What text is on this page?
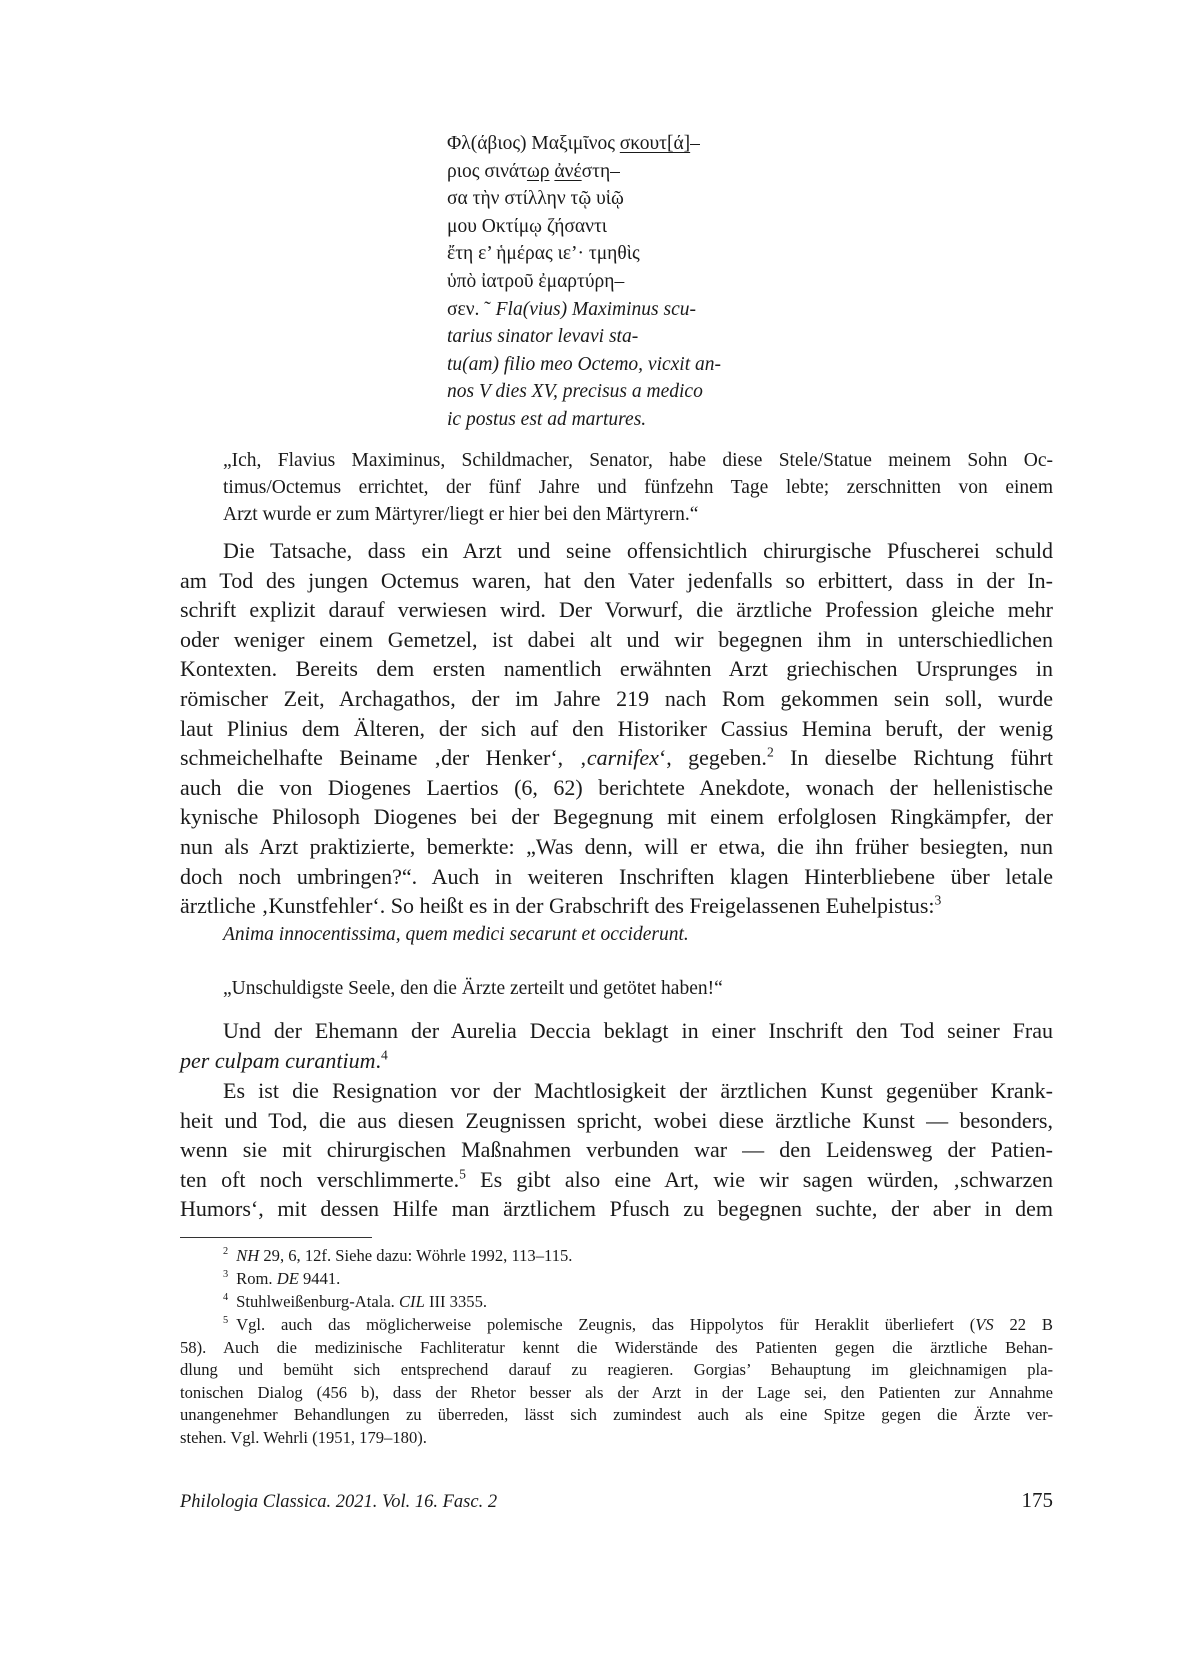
Φλ(άβιος) Μαξιμῖνος σκουτ[ά]–
ριος σινάτωρ ἀνέστη–
σα τὴν στίλλην τῷ υἱῷ
μου Οκτίμῳ ζήσαντι
ἔτη ε’ ἡμέρας ιε’· τμηθὶς
ὑπὸ ἰατροῦ ἐμαρτύρη–
σεν. ˜ Fla(vius) Maximinus scu-
tarius sinator levavi sta-
tu(am) filio meo Octemo, vicxit an-
nos V dies XV, precisus a medico
ic postus est ad martures.
„Ich, Flavius Maximinus, Schildmacher, Senator, habe diese Stele/Statue meinem Sohn Oc-
timus/Octemus errichtet, der fünf Jahre und fünfzehn Tage lebte; zerschnitten von einem
Arzt wurde er zum Märtyrer/liegt er hier bei den Märtyrern.“
Die Tatsache, dass ein Arzt und seine offensichtlich chirurgische Pfuscherei schuld
am Tod des jungen Octemus waren, hat den Vater jedenfalls so erbittert, dass in der In-
schrift explizit darauf verwiesen wird. Der Vorwurf, die ärztliche Profession gleiche mehr
oder weniger einem Gemetzel, ist dabei alt und wir begegnen ihm in unterschiedlichen
Kontexten. Bereits dem ersten namentlich erwähnten Arzt griechischen Ursprunges in
römischer Zeit, Archagathos, der im Jahre 219 nach Rom gekommen sein soll, wurde
laut Plinius dem Älteren, der sich auf den Historiker Cassius Hemina beruft, der wenig
schmeichelhafte Beiname ‚der Henker‘, ‚carnifex‘, gegeben.$^2$ In dieselbe Richtung führt
auch die von Diogenes Laertios (6, 62) berichtete Anekdote, wonach der hellenistische
kynische Philosoph Diogenes bei der Begegnung mit einem erfolglosen Ringkämpfer, der
nun als Arzt praktizierte, bemerkte: „Was denn, will er etwa, die ihn früher besiegten, nun
doch noch umbringen?“. Auch in weiteren Inschriften klagen Hinterbliebene über letale
ärztliche ‚Kunstfehler‘. So heißt es in der Grabschrift des Freigelassenen Euhelpistus:$^3$
Anima innocentissima, quem medici secarunt et occiderunt.
„Unschuldigste Seele, den die Ärzte zerteilt und getötet haben!“
Und der Ehemann der Aurelia Deccia beklagt in einer Inschrift den Tod seiner Frau
per culpam curantium.$^4$
Es ist die Resignation vor der Machtlosigkeit der ärztlichen Kunst gegenüber Krank-
heit und Tod, die aus diesen Zeugnissen spricht, wobei diese ärztliche Kunst — besonders,
wenn sie mit chirurgischen Maßnahmen verbunden war — den Leidensweg der Patien-
ten oft noch verschlimmerte.$^5$ Es gibt also eine Art, wie wir sagen würden, ‚schwarzen
Humors‘, mit dessen Hilfe man ärztlichem Pfusch zu begegnen suchte, der aber in dem
$^2$ NH 29, 6, 12f. Siehe dazu: Wöhrle 1992, 113–115.
$^3$ Rom. DE 9441.
$^4$ Stuhlweißenburg-Atala. CIL III 3355.
$^5$ Vgl. auch das möglicherweise polemische Zeugnis, das Hippolytos für Heraklit überliefert (VS 22 B
58). Auch die medizinische Fachliteratur kennt die Widerstände des Patienten gegen die ärztliche Behan-
dlung und bemüht sich entsprechend darauf zu reagieren. Gorgias’ Behauptung im gleichnamigen pla-
tonischen Dialog (456 b), dass der Rhetor besser als der Arzt in der Lage sei, den Patienten zur Annahme
unangenehmer Behandlungen zu überreden, lässt sich zumindest auch als eine Spitze gegen die Ärzte ver-
stehen. Vgl. Wehrli (1951, 179–180).
Philologia Classica. 2021. Vol. 16. Fasc. 2	175
